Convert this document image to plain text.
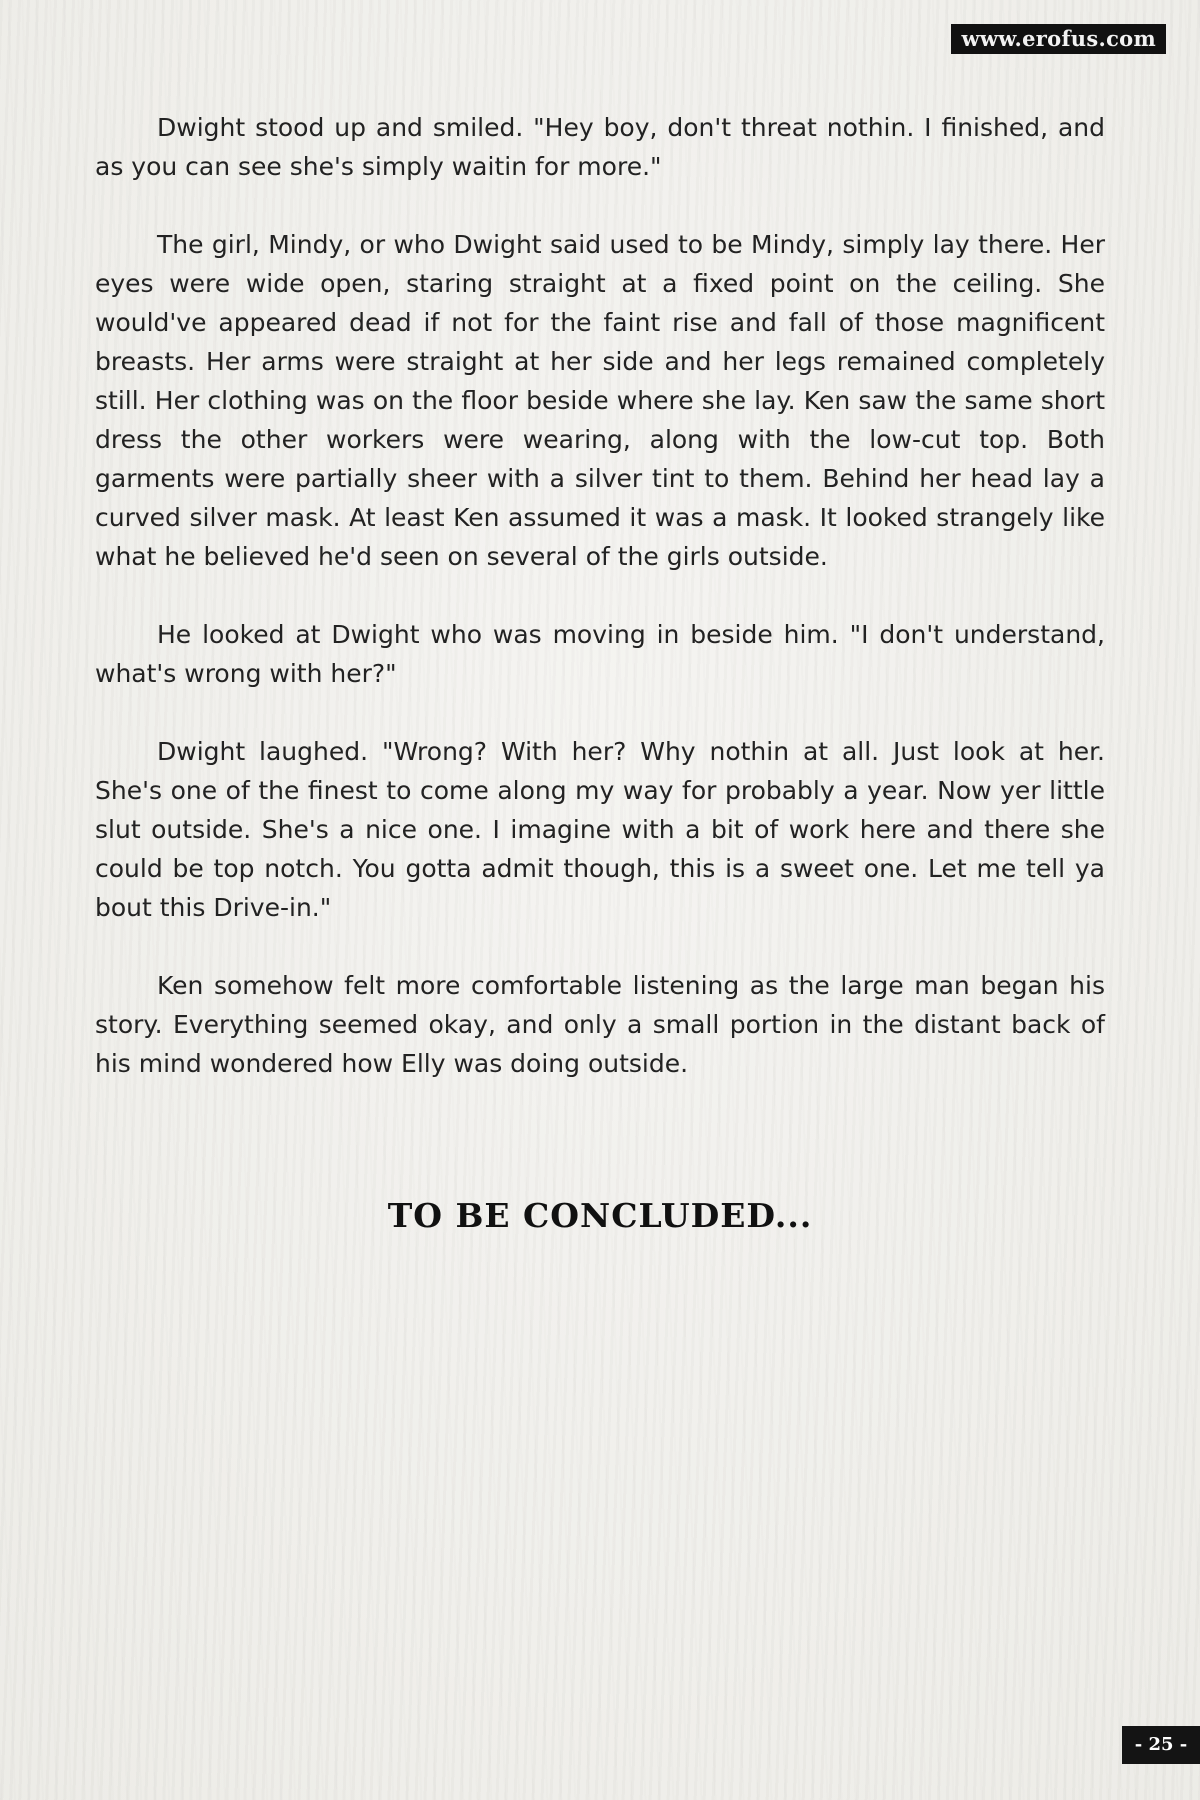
www.erofus.com

Dwight stood up and smiled. "Hey boy, don't threat nothin. I finished, and as you can see she's simply waitin for more."

The girl, Mindy, or who Dwight said used to be Mindy, simply lay there. Her eyes were wide open, staring straight at a fixed point on the ceiling. She would've appeared dead if not for the faint rise and fall of those magnificent breasts. Her arms were straight at her side and her legs remained completely still. Her clothing was on the floor beside where she lay. Ken saw the same short dress the other workers were wearing, along with the low-cut top. Both garments were partially sheer with a silver tint to them. Behind her head lay a curved silver mask. At least Ken assumed it was a mask. It looked strangely like what he believed he'd seen on several of the girls outside.

He looked at Dwight who was moving in beside him. "I don't understand, what's wrong with her?"

Dwight laughed. "Wrong? With her? Why nothin at all. Just look at her. She's one of the finest to come along my way for probably a year. Now yer little slut outside. She's a nice one. I imagine with a bit of work here and there she could be top notch. You gotta admit though, this is a sweet one. Let me tell ya bout this Drive-in."

Ken somehow felt more comfortable listening as the large man began his story. Everything seemed okay, and only a small portion in the distant back of his mind wondered how Elly was doing outside.

TO BE CONCLUDED...
- 25 -
